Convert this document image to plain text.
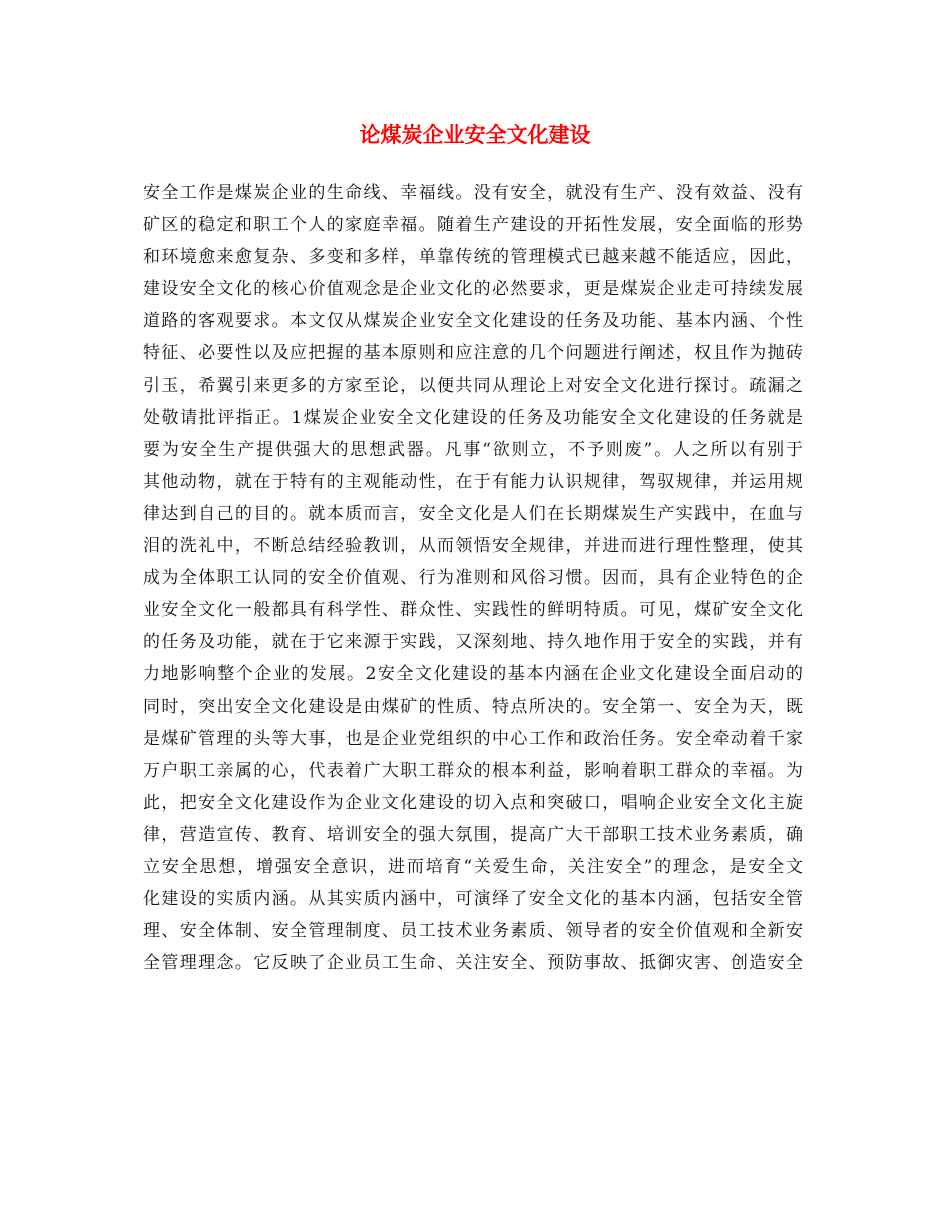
论煤炭企业安全文化建设
安全工作是煤炭企业的生命线、幸福线。没有安全，就没有生产、没有效益、没有
矿区的稳定和职工个人的家庭幸福。随着生产建设的开拓性发展，安全面临的形势
和环境愈来愈复杂、多变和多样，单靠传统的管理模式已越来越不能适应，因此，
建设安全文化的核心价值观念是企业文化的必然要求，更是煤炭企业走可持续发展
道路的客观要求。本文仅从煤炭企业安全文化建设的任务及功能、基本内涵、个性
特征、必要性以及应把握的基本原则和应注意的几个问题进行阐述，权且作为抛砖
引玉，希翼引来更多的方家至论，以便共同从理论上对安全文化进行探讨。疏漏之
处敬请批评指正。1煤炭企业安全文化建设的任务及功能安全文化建设的任务就是
要为安全生产提供强大的思想武器。凡事“欲则立，不予则废”。人之所以有别于
其他动物，就在于特有的主观能动性，在于有能力认识规律，驾驭规律，并运用规
律达到自己的目的。就本质而言，安全文化是人们在长期煤炭生产实践中，在血与
泪的洗礼中，不断总结经验教训，从而领悟安全规律，并进而进行理性整理，使其
成为全体职工认同的安全价值观、行为准则和风俗习惯。因而，具有企业特色的企
业安全文化一般都具有科学性、群众性、实践性的鲜明特质。可见，煤矿安全文化
的任务及功能，就在于它来源于实践，又深刻地、持久地作用于安全的实践，并有
力地影响整个企业的发展。2安全文化建设的基本内涵在企业文化建设全面启动的
同时，突出安全文化建设是由煤矿的性质、特点所决的。安全第一、安全为天，既
是煤矿管理的头等大事，也是企业党组织的中心工作和政治任务。安全牵动着千家
万户职工亲属的心，代表着广大职工群众的根本利益，影响着职工群众的幸福。为
此，把安全文化建设作为企业文化建设的切入点和突破口，唱响企业安全文化主旋
律，营造宣传、教育、培训安全的强大氛围，提高广大干部职工技术业务素质，确
立安全思想，增强安全意识，进而培育“关爱生命，关注安全”的理念，是安全文
化建设的实质内涵。从其实质内涵中，可演绎了安全文化的基本内涵，包括安全管
理、安全体制、安全管理制度、员工技术业务素质、领导者的安全价值观和全新安
全管理理念。它反映了企业员工生命、关注安全、预防事故、抵御灾害、创造安全
